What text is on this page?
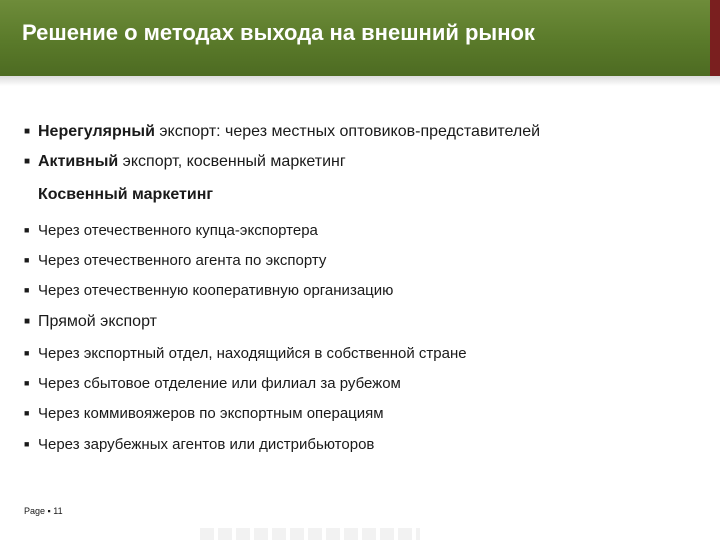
Решение о методах выхода на внешний рынок
■ Нерегулярный экспорт: через местных оптовиков-представителей
■ Активный экспорт, косвенный маркетинг
Косвенный маркетинг
■ Через отечественного купца-экспортера
■ Через отечественного агента по экспорту
■ Через отечественную кооперативную организацию
■ Прямой экспорт
■ Через экспортный отдел, находящийся в собственной стране
■ Через сбытовое отделение или филиал за рубежом
■ Через коммивояжеров по экспортным операциям
■ Через зарубежных агентов или дистрибьюторов
Page ▪ 11
